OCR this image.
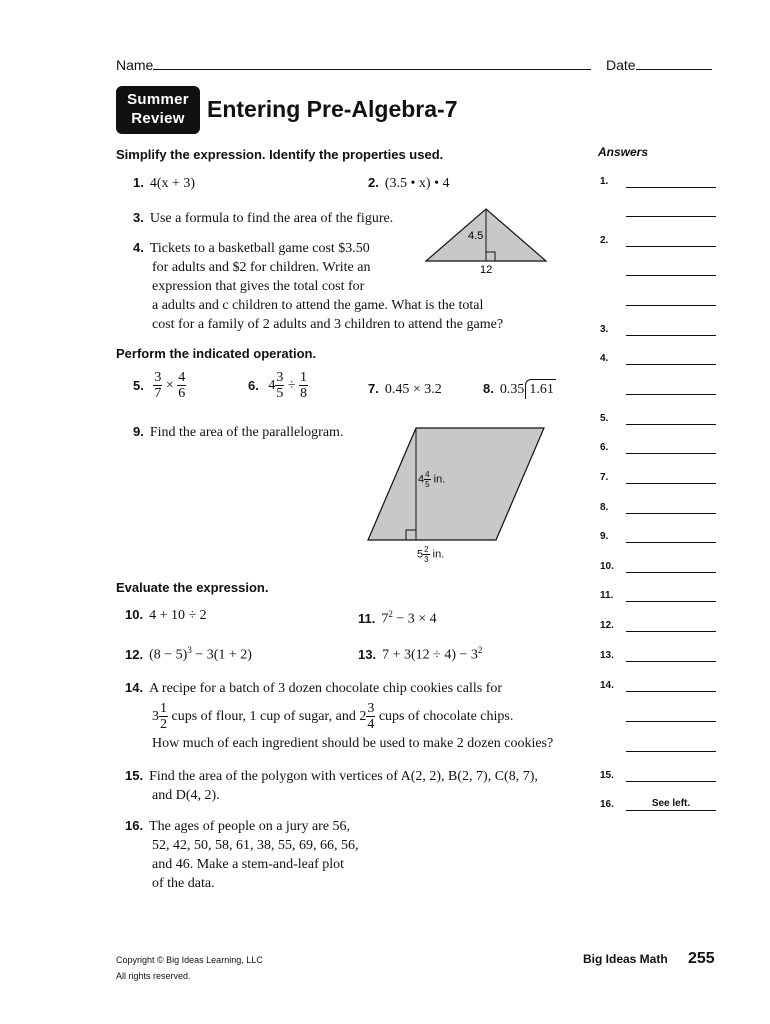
Name	Date
Summer
Review Entering Pre-Algebra-7
Answers
Simplify the expression. Identify the properties used.
1. 4(x + 3)	2. (3.5 • x) • 4
3. Use a formula to find the area of the figure.
4. Tickets to a basketball game cost $3.50
for adults and $2 for children. Write an
expression that gives the total cost for
a adults and c children to attend the game. What is the total
cost for a family of 2 adults and 3 children to attend the game?
4.5
12
Perform the indicated operation.
5. $\frac{3}{7} \times \frac{4}{6}$	6. $4 \frac{3}{5} \div \frac{1}{8}$	7. 0.45 × 3.2	8. 0.35 1.61
9. Find the area of the parallelogram.
$4 \frac{4}{5}$ in.
$5 \frac{2}{3}$ in.
Evaluate the expression.
10. 4 + 10 ÷ 2	11. $7^2 - 3 \times 4$
12. $(8 - 5)^3 - 3(1 + 2)$	13. $7 + 3(12 \div 4) - 3^2$
14. A recipe for a batch of 3 dozen chocolate chip cookies calls for
$3 \frac{1}{2}$ cups of flour, 1 cup of sugar, and $2 \frac{3}{4}$ cups of chocolate chips.
How much of each ingredient should be used to make 2 dozen cookies?
15. Find the area of the polygon with vertices of A(2, 2), B(2, 7), C(8, 7),
and D(4, 2).
16. The ages of people on a jury are 56,
52, 42, 50, 58, 61, 38, 55, 69, 66, 56,
and 46. Make a stem-and-leaf plot
of the data.
1.
2.
3.
4.
5.
6.
7.
8.
9.
10.
11.
12.
13.
14.
15.
16.	See left.
Copyright © Big Ideas Learning, LLC
All rights reserved.
Big Ideas Math 255
